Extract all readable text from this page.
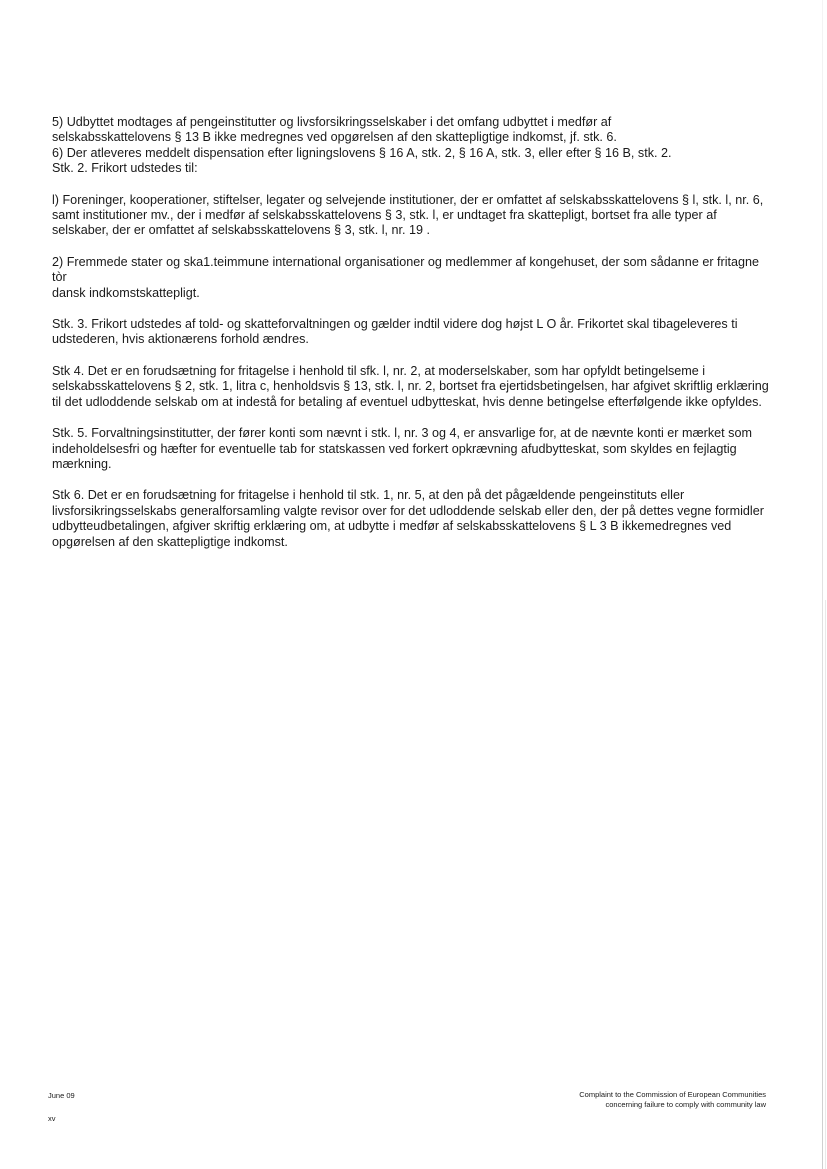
5) Udbyttet modtages af pengeinstitutter og livsforsikringsselskaber i det omfang udbyttet i medfør af

selskabsskattelovens § 13 B ikke medregnes ved opgørelsen af den skattepligtige indkomst, jf. stk. 6.

6) Der atleveres meddelt dispensation efter ligningslovens § 16 A, stk. 2, § 16 A, stk. 3, eller efter § 16 B, stk. 2.

Stk. 2. Frikort udstedes til:

l) Foreninger, kooperationer, stiftelser, legater og selvejende institutioner, der er omfattet af selskabsskattelovens § l, stk. l, nr. 6, samt institutioner mv., der i medfør af selskabsskattelovens § 3, stk. l, er undtaget fra skattepligt, bortset fra alle typer af selskaber, der er omfattet af selskabsskattelovens § 3, stk. l, nr. 19 .

2) Fremmede stater og ska1.teimmune international organisationer og medlemmer af kongehuset, der som sådanne er fritagne tòr

dansk indkomstskattepligt.

Stk. 3. Frikort udstedes af told- og skatteforvaltningen og gælder indtil videre dog højst L O år. Frikortet skal tibageleveres ti udstederen, hvis aktionærens forhold ændres.

Stk 4. Det er en forudsætning for fritagelse i henhold til sfk. l, nr. 2, at moderselskaber, som har opfyldt betingelseme i selskabsskattelovens § 2, stk. 1, litra c, henholdsvis § 13, stk. l, nr. 2, bortset fra ejertidsbetingelsen, har afgivet skriftlig erklæring til det udloddende selskab om at indestå for betaling af eventuel udbytteskat, hvis denne betingelse efterfølgende ikke opfyldes.

Stk. 5. Forvaltningsinstitutter, der fører konti som nævnt i stk. l, nr. 3 og 4, er ansvarlige for, at de nævnte konti er mærket som indeholdelsesfri og hæfter for eventuelle tab for statskassen ved forkert opkrævning afudbytteskat, som skyldes en fejlagtig mærkning.

Stk 6. Det er en forudsætning for fritagelse i henhold til stk. 1, nr. 5, at den på det pågældende pengeinstituts eller livsforsikringsselskabs generalforsamling valgte revisor over for det udloddende selskab eller den, der på dettes vegne formidler udbytteudbetalingen, afgiver skriftig erklæring om, at udbytte i medfør af selskabsskattelovens § L 3 B ikkemedregnes ved opgørelsen af den skattepligtige indkomst.

June 09
xv
Complaint to the Commission of European Communities
concerning failure to comply with community law
